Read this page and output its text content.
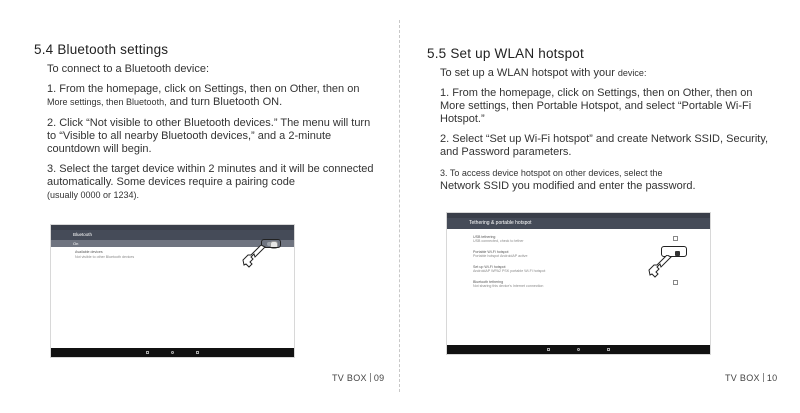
5.4 Bluetooth settings
To connect to a Bluetooth device:
1. From the homepage, click on Settings, then on Other, then on
More settings, then Bluetooth, and turn Bluetooth ON.
2. Click “Not visible to other Bluetooth devices.” The menu will turn to “Visible to all nearby Bluetooth devices,” and a 2-minute countdown will begin.
3. Select the target device within 2 minutes and it will be connected automatically. Some devices require a pairing code
(usually 0000 or 1234).
Bluetooth
On
Available devices
Not visible to other Bluetooth devices
TV BOX 09
5.5 Set up WLAN hotspot
To set up a WLAN hotspot with your device:
1. From the homepage, click on Settings, then on Other, then on More settings, then Portable Hotspot, and select “Portable Wi-Fi Hotspot.”
2. Select “Set up Wi-Fi hotspot” and create Network SSID, Security, and Password parameters.
3. To access device hotspot on other devices, select the
Network SSID you modified and enter the password.
Tethering & portable hotspot
USB tethering
USB connected, check to tether
Portable Wi-Fi hotspot
Portable hotspot AndroidAP active
Set up Wi-Fi hotspot
AndroidAP WPA2 PSK portable Wi-Fi hotspot
Bluetooth tethering
Not sharing this device's Internet connection
TV BOX 10
